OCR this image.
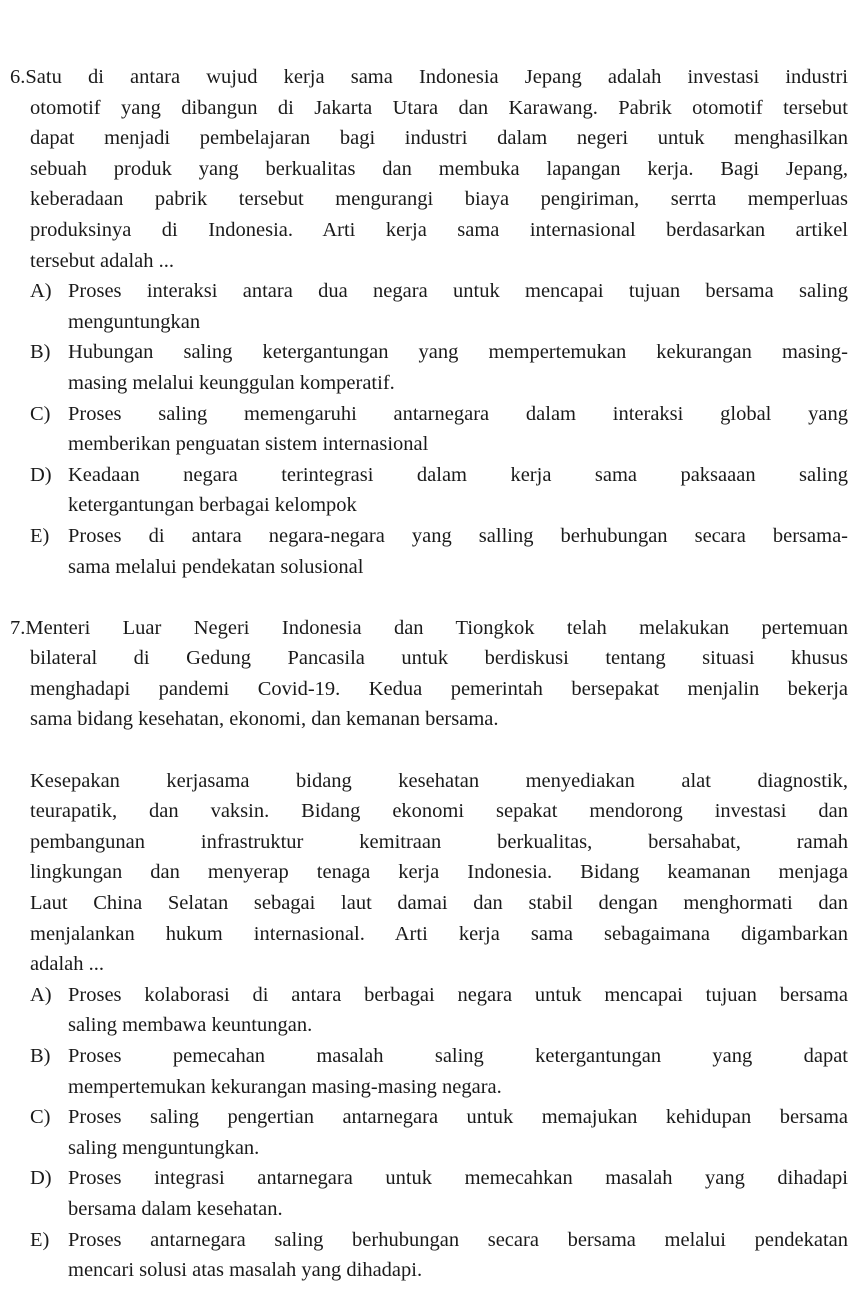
6.Satu di antara wujud kerja sama Indonesia Jepang adalah investasi industri
otomotif yang dibangun di Jakarta Utara dan Karawang. Pabrik otomotif tersebut
dapat menjadi pembelajaran bagi industri dalam negeri untuk menghasilkan
sebuah produk yang berkualitas dan membuka lapangan kerja. Bagi Jepang,
keberadaan pabrik tersebut mengurangi biaya pengiriman, serrta memperluas
produksinya di Indonesia. Arti kerja sama internasional berdasarkan artikel
tersebut adalah ...
A) Proses interaksi antara dua negara untuk mencapai tujuan bersama saling
menguntungkan
B) Hubungan saling ketergantungan yang mempertemukan kekurangan masing-
masing melalui keunggulan komperatif.
C) Proses saling memengaruhi antarnegara dalam interaksi global yang
memberikan penguatan sistem internasional
D) Keadaan negara terintegrasi dalam kerja sama paksaaan saling
ketergantungan berbagai kelompok
E) Proses di antara negara-negara yang salling berhubungan secara bersama-
sama melalui pendekatan solusional
7.Menteri Luar Negeri Indonesia dan Tiongkok telah melakukan pertemuan
bilateral di Gedung Pancasila untuk berdiskusi tentang situasi khusus
menghadapi pandemi Covid-19. Kedua pemerintah bersepakat menjalin bekerja
sama bidang kesehatan, ekonomi, dan kemanan bersama.
Kesepakan kerjasama bidang kesehatan menyediakan alat diagnostik,
teurapatik, dan vaksin. Bidang ekonomi sepakat mendorong investasi dan
pembangunan infrastruktur kemitraan berkualitas, bersahabat, ramah
lingkungan dan menyerap tenaga kerja Indonesia. Bidang keamanan menjaga
Laut China Selatan sebagai laut damai dan stabil dengan menghormati dan
menjalankan hukum internasional. Arti kerja sama sebagaimana digambarkan
adalah ...
A) Proses kolaborasi di antara berbagai negara untuk mencapai tujuan bersama
saling membawa keuntungan.
B) Proses pemecahan masalah saling ketergantungan yang dapat
mempertemukan kekurangan masing-masing negara.
C) Proses saling pengertian antarnegara untuk memajukan kehidupan bersama
saling menguntungkan.
D) Proses integrasi antarnegara untuk memecahkan masalah yang dihadapi
bersama dalam kesehatan.
E) Proses antarnegara saling berhubungan secara bersama melalui pendekatan
mencari solusi atas masalah yang dihadapi.
